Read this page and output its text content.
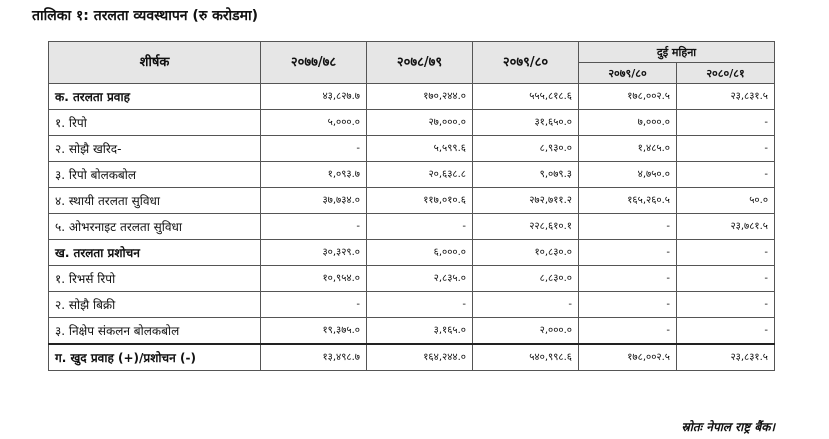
तालिका १: तरलता व्यवस्थापन (रु करोडमा)
शीर्षक	२०७७/७८	२०७८/७९	२०७९/८०	दुई महिना	
				२०७९/८०	२०८०/८१
क. तरलता प्रवाह	४३,८२७.७	१७०,२४४.०	५५५,८१८.६	१७८,००२.५	२३,८३१.५
१. रिपो	५,०००.०	२७,०००.०	३१,६५०.०	७,०००.०	-
२. सोझै खरिद-	-	५,५९९.६	८,९३०.०	१,४८५.०	-
३. रिपो बोलकबोल	१,०९३.७	२०,६३८.८	९,०७९.३	४,७५०.०	-
४. स्थायी तरलता सुविधा	३७,७३४.०	११७,०१०.६	२७२,७११.२	१६५,२६०.५	५०.०
५. ओभरनाइट तरलता सुविधा	-	-	२२८,६१०.१	-	२३,७८१.५
ख. तरलता प्रशोचन	३०,३२९.०	६,०००.०	१०,८३०.०	-	-
१. रिभर्स रिपो	१०,९५४.०	२,८३५.०	८,८३०.०	-	-
२. सोझै बिक्री	-	-	-	-	-
३. निक्षेप संकलन बोलकबोल	१९,३७५.०	३,१६५.०	२,०००.०	-	-
ग. खुद प्रवाह (+)/प्रशोचन (-)	१३,४९८.७	१६४,२४४.०	५४०,९९८.६	१७८,००२.५	२३,८३१.५
स्रोतः नेपाल राष्ट्र बैंक।
